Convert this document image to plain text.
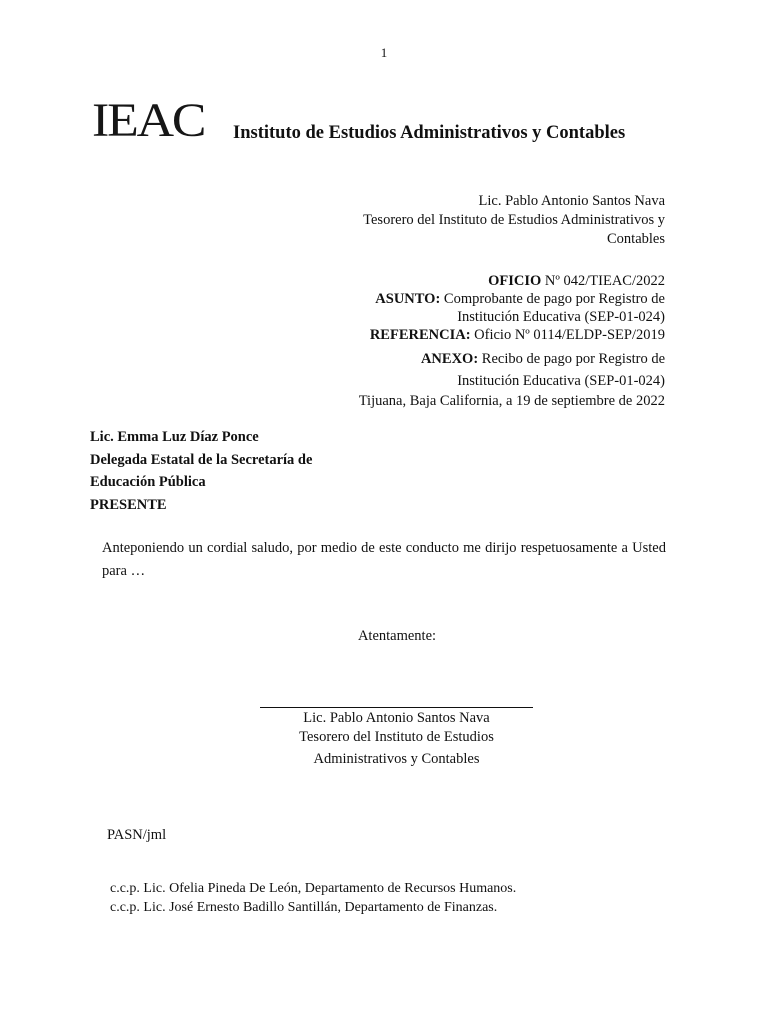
1
IEAC Instituto de Estudios Administrativos y Contables
Lic. Pablo Antonio Santos Nava
Tesorero del Instituto de Estudios Administrativos y
Contables
OFICIO Nº 042/TIEAC/2022
ASUNTO: Comprobante de pago por Registro de
Institución Educativa (SEP-01-024)
REFERENCIA: Oficio Nº 0114/ELDP-SEP/2019
ANEXO: Recibo de pago por Registro de
Institución Educativa (SEP-01-024)
Tijuana, Baja California, a 19 de septiembre de 2022
Lic. Emma Luz Díaz Ponce
Delegada Estatal de la Secretaría de
Educación Pública
PRESENTE
Anteponiendo un cordial saludo, por medio de este conducto me dirijo respetuosamente a Usted para …
Atentamente:
Lic. Pablo Antonio Santos Nava
Tesorero del Instituto de Estudios
Administrativos y Contables
PASN/jml
c.c.p. Lic. Ofelia Pineda De León, Departamento de Recursos Humanos.
c.c.p. Lic. José Ernesto Badillo Santillán, Departamento de Finanzas.
